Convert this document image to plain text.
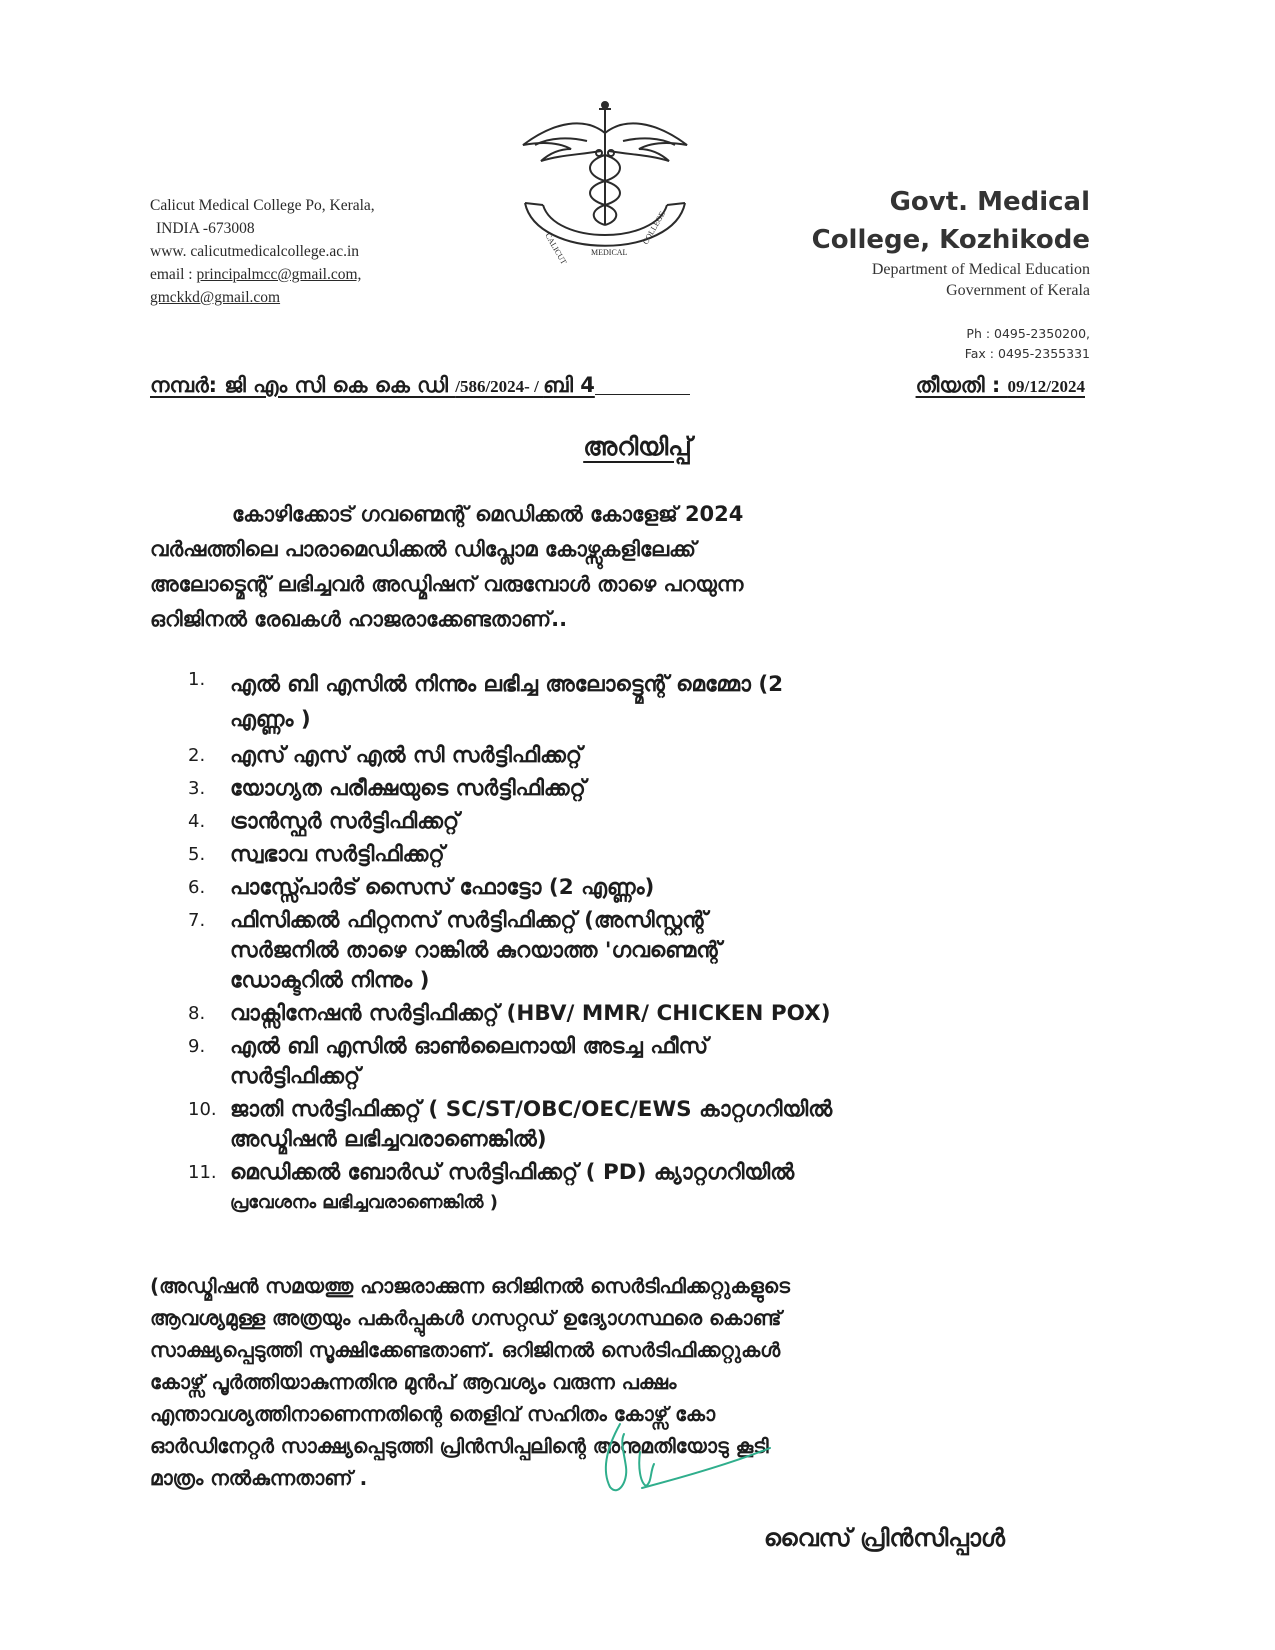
Calicut Medical College Po, Kerala,
INDIA -673008
www. calicutmedicalcollege.ac.in
email : principalmcc@gmail.com,
gmckkd@gmail.com
CALICUT	MEDICAL
COLLEGE
Govt. Medical
College, Kozhikode
Department of Medical Education
Government of Kerala
Ph : 0495-2350200,
Fax : 0495-2355331
നമ്പർ: ജി എം സി കെ കെ ഡി /586/2024- / ബി 4	തീയതി : 09/12/2024
അറിയിപ്പ്
കോഴിക്കോട് ഗവണ്മെന്റ് മെഡിക്കൽ കോളേജ് 2024
വർഷത്തിലെ പാരാമെഡിക്കൽ ഡിപ്ലോമ കോഴ്സുകളിലേക്ക്
അലോട്മെന്റ് ലഭിച്ചവർ അഡ്മിഷന് വരുമ്പോൾ താഴെ പറയുന്ന
ഒറിജിനൽ രേഖകൾ ഹാജരാക്കേണ്ടതാണ്..
1. എൽ ബി എസിൽ നിന്നും ലഭിച്ച അലോട്ട്മെന്റ് മെമ്മോ (2
എണ്ണം )
2. എസ് എസ് എൽ സി സർട്ടിഫിക്കറ്റ്
3. യോഗ്യത പരീക്ഷയുടെ സർട്ടിഫിക്കറ്റ്
4. ട്രാൻസ്ഫർ സർട്ടിഫിക്കറ്റ്
5. സ്വഭാവ സർട്ടിഫിക്കറ്റ്
6. പാസ്സ്പോർട് സൈസ് ഫോട്ടോ (2 എണ്ണം)
7. ഫിസിക്കൽ ഫിറ്റനസ് സർട്ടിഫിക്കറ്റ് (അസിസ്റ്റന്റ്
സർജനിൽ താഴെ റാങ്കിൽ കുറയാത്ത 'ഗവണ്മെന്റ്
ഡോക്ടറിൽ നിന്നും )
8. വാക്സിനേഷൻ സർട്ടിഫിക്കറ്റ് (HBV/ MMR/ CHICKEN POX)
9. എൽ ബി എസിൽ ഓൺലൈനായി അടച്ച ഫീസ്
സർട്ടിഫിക്കറ്റ്
10. ജാതി സർട്ടിഫിക്കറ്റ് ( SC/ST/OBC/OEC/EWS കാറ്റഗറിയിൽ
അഡ്മിഷൻ ലഭിച്ചവരാണെങ്കിൽ)
11. മെഡിക്കൽ ബോർഡ് സർട്ടിഫിക്കറ്റ് ( PD) ക്യാറ്റഗറിയിൽ
പ്രവേശനം ലഭിച്ചവരാണെങ്കിൽ )
(അഡ്മിഷൻ സമയത്തു ഹാജരാക്കുന്ന ഒറിജിനൽ സെർടിഫിക്കറ്റുകളുടെ
ആവശ്യമുള്ള അത്രയും പകർപ്പുകൾ ഗസറ്റഡ് ഉദ്യോഗസ്ഥരെ കൊണ്ട്
സാക്ഷ്യപ്പെടുത്തി സൂക്ഷിക്കേണ്ടതാണ്. ഒറിജിനൽ സെർടിഫിക്കറ്റുകൾ
കോഴ്സ് പൂർത്തിയാകുന്നതിനു മുൻപ് ആവശ്യം വരുന്ന പക്ഷം
എന്താവശ്യത്തിനാണെന്നതിന്റെ തെളിവ് സഹിതം കോഴ്സ് കോ
ഓർഡിനേറ്റർ സാക്ഷ്യപ്പെടുത്തി പ്രിൻസിപ്പലിന്റെ അനുമതിയോടു കൂടി
മാത്രം നൽകുന്നതാണ് .
വൈസ് പ്രിൻസിപ്പാൾ
